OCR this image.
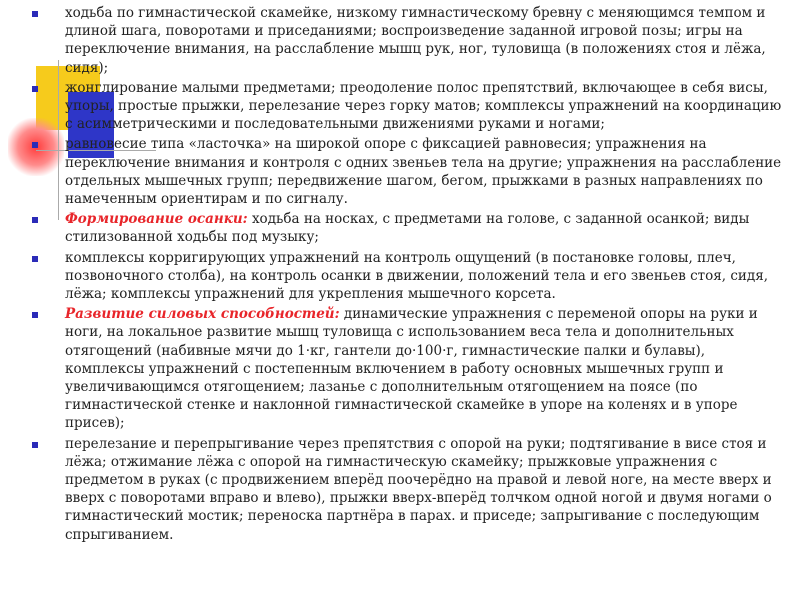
ходьба по гимнастической скамейке, низкому гимнастическому бревну с меняющимся темпом и длиной шага, поворотами и приседаниями; воспроизведение заданной игровой позы; игры на переключение внимания, на расслабление мышц рук, ног, туловища (в положениях стоя и лёжа, сидя);
жонглирование малыми предметами; преодоление полос препятствий, включающее в себя висы, упоры, простые прыжки, перелезание через горку матов; комплексы упражнений на координацию с асимметрическими и последовательными движениями руками и ногами;
равновесие типа «ласточка» на широкой опоре с фиксацией равновесия; упражнения на переключение внимания и контроля с одних звеньев тела на другие; упражнения на расслабление отдельных мышечных групп; передвижение шагом, бегом, прыжками в разных направлениях по намеченным ориентирам и по сигналу.
Формирование осанки: ходьба на носках, с предметами на голове, с заданной осанкой; виды стилизованной ходьбы под музыку;
комплексы корригирующих упражнений на контроль ощущений (в постановке головы, плеч, позвоночного столба), на контроль осанки в движении, положений тела и его звеньев стоя, сидя, лёжа; комплексы упражнений для укрепления мышечного корсета.
Развитие силовых способностей: динамические упражнения с переменой опоры на руки и ноги, на локальное развитие мышц туловища с использованием веса тела и дополнительных отягощений (набивные мячи до 1·кг, гантели до·100·г, гимнастические палки и булавы), комплексы упражнений с постепенным включением в работу основных мышечных групп и увеличивающимся отягощением; лазанье с дополнительным отягощением на поясе (по гимнастической стенке и наклонной гимнастической скамейке в упоре на коленях и в упоре присев);
перелезание и перепрыгивание через препятствия с опорой на руки; подтягивание в висе стоя и лёжа; отжимание лёжа с опорой на гимнастическую скамейку; прыжковые упражнения с предметом в руках (с продвижением вперёд поочерёдно на правой и левой ноге, на месте вверх и вверх с поворотами вправо и влево), прыжки вверх-вперёд толчком одной ногой и двумя ногами о гимнастический мостик; переноска партнёра в парах. и приседе; запрыгивание с последующим спрыгиванием.
